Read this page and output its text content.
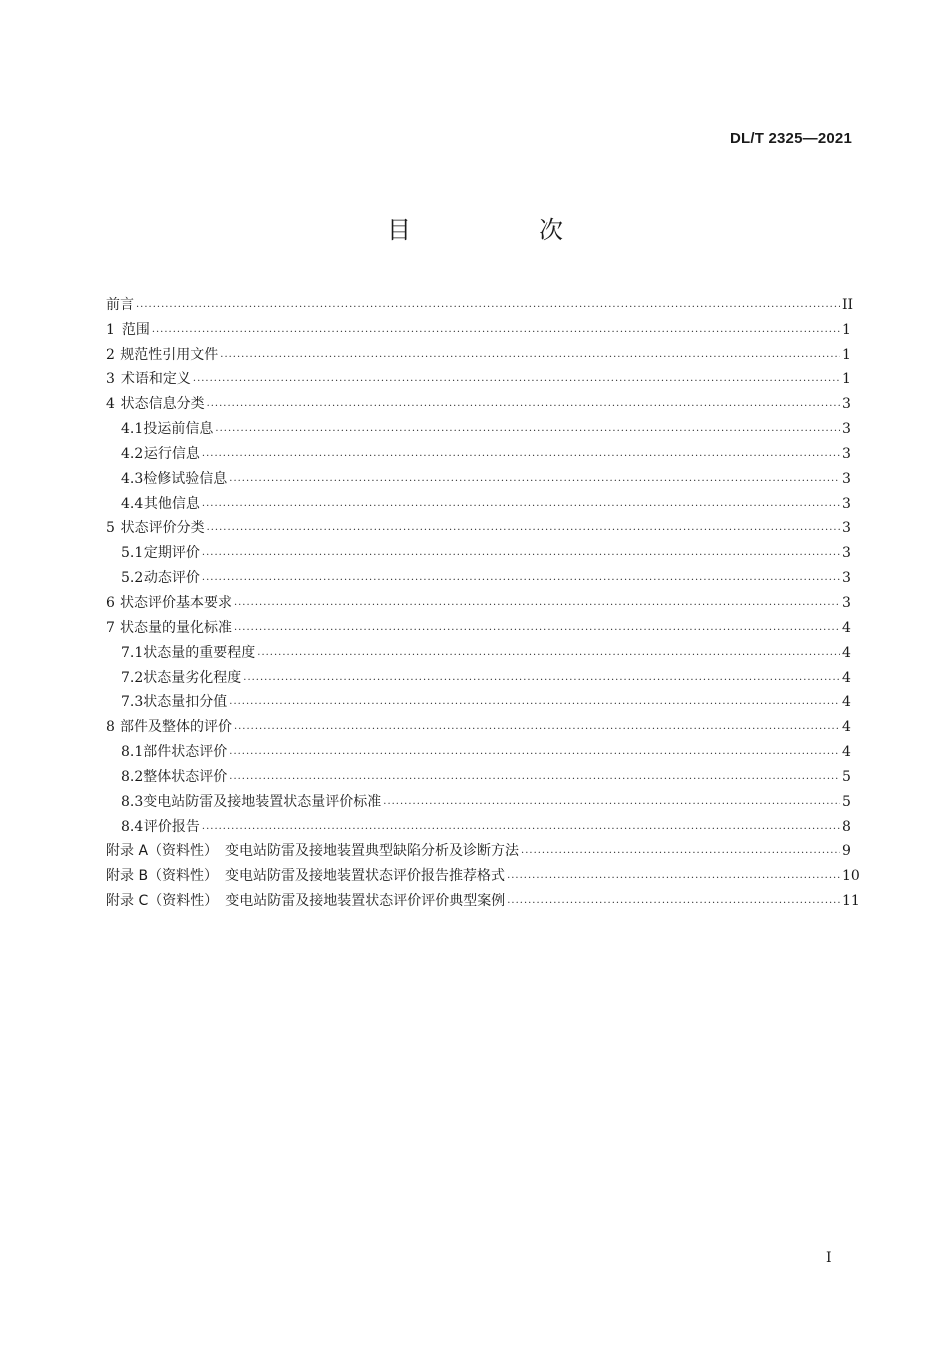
DL/T 2325—2021
目　次
前言 ·····	II
1 范围 ·····	1
2 规范性引用文件 ·····	1
3 术语和定义 ·····	1
4 状态信息分类 ·····	3
4.1 投运前信息 ·····	3
4.2 运行信息 ·····	3
4.3 检修试验信息 ·····	3
4.4 其他信息 ·····	3
5 状态评价分类 ·····	3
5.1 定期评价 ·····	3
5.2 动态评价 ·····	3
6 状态评价基本要求 ·····	3
7 状态量的量化标准 ·····	4
7.1 状态量的重要程度 ·····	4
7.2 状态量劣化程度 ·····	4
7.3 状态量扣分值 ·····	4
8 部件及整体的评价 ·····	4
8.1 部件状态评价 ·····	4
8.2 整体状态评价 ·····	5
8.3 变电站防雷及接地装置状态量评价标准 ·····	5
8.4 评价报告 ·····	8
附录 A（资料性）　变电站防雷及接地装置典型缺陷分析及诊断方法 ·····	9
附录 B（资料性）　变电站防雷及接地装置状态评价报告推荐格式 ·····	10
附录 C（资料性）　变电站防雷及接地装置状态评价评价典型案例 ·····	11
I
